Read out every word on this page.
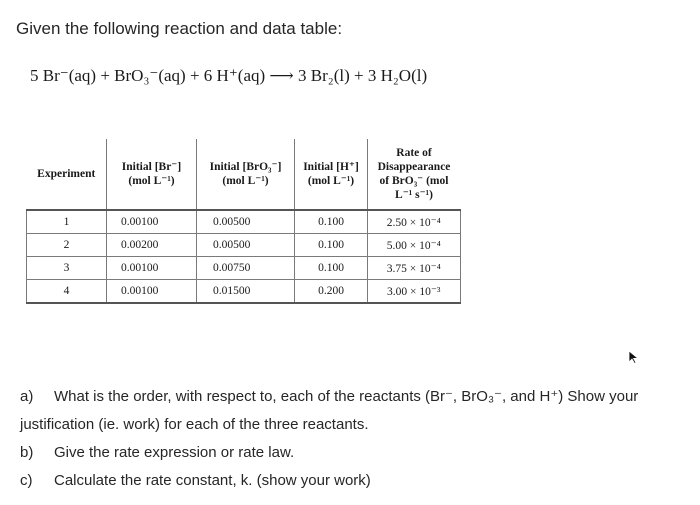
Given the following reaction and data table:
5 Br⁻(aq) + BrO₃⁻(aq) + 6 H⁺(aq) ⟶ 3 Br₂(l) + 3 H₂O(l)
Experiment	Initial [Br⁻] (mol L⁻¹)	Initial [BrO₃⁻] (mol L⁻¹)	Initial [H⁺] (mol L⁻¹)	Rate of Disappearance of BrO₃⁻ (mol L⁻¹ s⁻¹)
1	0.00100	0.00500	0.100	2.50 × 10⁻⁴
2	0.00200	0.00500	0.100	5.00 × 10⁻⁴
3	0.00100	0.00750	0.100	3.75 × 10⁻⁴
4	0.00100	0.01500	0.200	3.00 × 10⁻³
a) What is the order, with respect to, each of the reactants (Br⁻, BrO₃⁻, and H⁺) Show your
justification (ie. work) for each of the three reactants.
b) Give the rate expression or rate law.
c) Calculate the rate constant, k. (show your work)
